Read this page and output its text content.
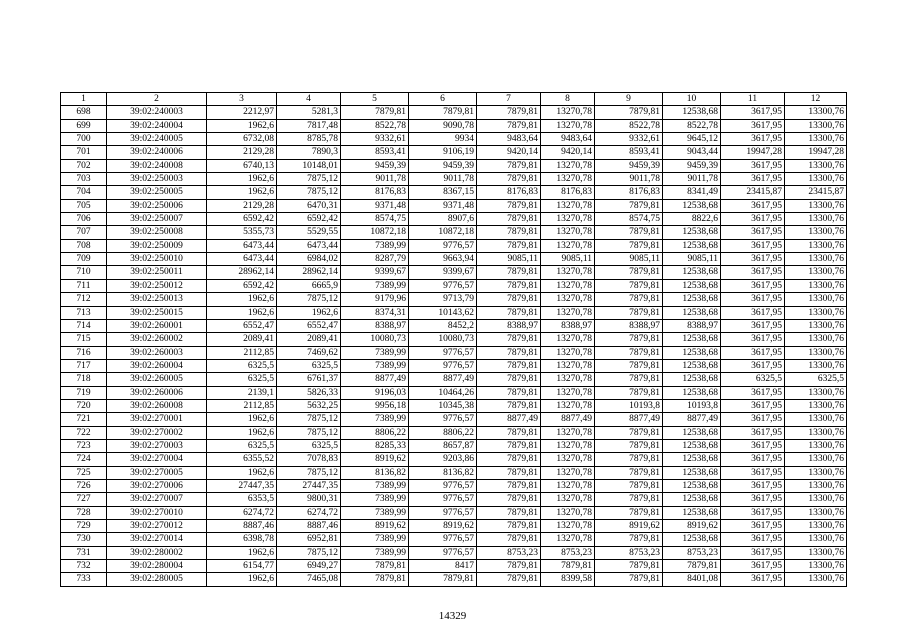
1	2	3	4	5	6	7	8	9	10	11	12
698	39:02:240003	2212,97	5281,3	7879,81	7879,81	7879,81	13270,78	7879,81	12538,68	3617,95	13300,76
699	39:02:240004	1962,6	7817,48	8522,78	9090,78	7879,81	13270,78	8522,78	8522,78	3617,95	13300,76
700	39:02:240005	6732,08	8785,78	9332,61	9934	9483,64	9483,64	9332,61	9645,12	3617,95	13300,76
701	39:02:240006	2129,28	7890,3	8593,41	9106,19	9420,14	9420,14	8593,41	9043,44	19947,28	19947,28
702	39:02:240008	6740,13	10148,01	9459,39	9459,39	7879,81	13270,78	9459,39	9459,39	3617,95	13300,76
703	39:02:250003	1962,6	7875,12	9011,78	9011,78	7879,81	13270,78	9011,78	9011,78	3617,95	13300,76
704	39:02:250005	1962,6	7875,12	8176,83	8367,15	8176,83	8176,83	8176,83	8341,49	23415,87	23415,87
705	39:02:250006	2129,28	6470,31	9371,48	9371,48	7879,81	13270,78	7879,81	12538,68	3617,95	13300,76
706	39:02:250007	6592,42	6592,42	8574,75	8907,6	7879,81	13270,78	8574,75	8822,6	3617,95	13300,76
707	39:02:250008	5355,73	5529,55	10872,18	10872,18	7879,81	13270,78	7879,81	12538,68	3617,95	13300,76
708	39:02:250009	6473,44	6473,44	7389,99	9776,57	7879,81	13270,78	7879,81	12538,68	3617,95	13300,76
709	39:02:250010	6473,44	6984,02	8287,79	9663,94	9085,11	9085,11	9085,11	9085,11	3617,95	13300,76
710	39:02:250011	28962,14	28962,14	9399,67	9399,67	7879,81	13270,78	7879,81	12538,68	3617,95	13300,76
711	39:02:250012	6592,42	6665,9	7389,99	9776,57	7879,81	13270,78	7879,81	12538,68	3617,95	13300,76
712	39:02:250013	1962,6	7875,12	9179,96	9713,79	7879,81	13270,78	7879,81	12538,68	3617,95	13300,76
713	39:02:250015	1962,6	1962,6	8374,31	10143,62	7879,81	13270,78	7879,81	12538,68	3617,95	13300,76
714	39:02:260001	6552,47	6552,47	8388,97	8452,2	8388,97	8388,97	8388,97	8388,97	3617,95	13300,76
715	39:02:260002	2089,41	2089,41	10080,73	10080,73	7879,81	13270,78	7879,81	12538,68	3617,95	13300,76
716	39:02:260003	2112,85	7469,62	7389,99	9776,57	7879,81	13270,78	7879,81	12538,68	3617,95	13300,76
717	39:02:260004	6325,5	6325,5	7389,99	9776,57	7879,81	13270,78	7879,81	12538,68	3617,95	13300,76
718	39:02:260005	6325,5	6761,37	8877,49	8877,49	7879,81	13270,78	7879,81	12538,68	6325,5	6325,5
719	39:02:260006	2139,1	5826,33	9196,03	10464,26	7879,81	13270,78	7879,81	12538,68	3617,95	13300,76
720	39:02:260008	2112,85	5632,25	9956,18	10345,38	7879,81	13270,78	10193,8	10193,8	3617,95	13300,76
721	39:02:270001	1962,6	7875,12	7389,99	9776,57	8877,49	8877,49	8877,49	8877,49	3617,95	13300,76
722	39:02:270002	1962,6	7875,12	8806,22	8806,22	7879,81	13270,78	7879,81	12538,68	3617,95	13300,76
723	39:02:270003	6325,5	6325,5	8285,33	8657,87	7879,81	13270,78	7879,81	12538,68	3617,95	13300,76
724	39:02:270004	6355,52	7078,83	8919,62	9203,86	7879,81	13270,78	7879,81	12538,68	3617,95	13300,76
725	39:02:270005	1962,6	7875,12	8136,82	8136,82	7879,81	13270,78	7879,81	12538,68	3617,95	13300,76
726	39:02:270006	27447,35	27447,35	7389,99	9776,57	7879,81	13270,78	7879,81	12538,68	3617,95	13300,76
727	39:02:270007	6353,5	9800,31	7389,99	9776,57	7879,81	13270,78	7879,81	12538,68	3617,95	13300,76
728	39:02:270010	6274,72	6274,72	7389,99	9776,57	7879,81	13270,78	7879,81	12538,68	3617,95	13300,76
729	39:02:270012	8887,46	8887,46	8919,62	8919,62	7879,81	13270,78	8919,62	8919,62	3617,95	13300,76
730	39:02:270014	6398,78	6952,81	7389,99	9776,57	7879,81	13270,78	7879,81	12538,68	3617,95	13300,76
731	39:02:280002	1962,6	7875,12	7389,99	9776,57	8753,23	8753,23	8753,23	8753,23	3617,95	13300,76
732	39:02:280004	6154,77	6949,27	7879,81	8417	7879,81	7879,81	7879,81	7879,81	3617,95	13300,76
733	39:02:280005	1962,6	7465,08	7879,81	7879,81	7879,81	8399,58	7879,81	8401,08	3617,95	13300,76
14329
